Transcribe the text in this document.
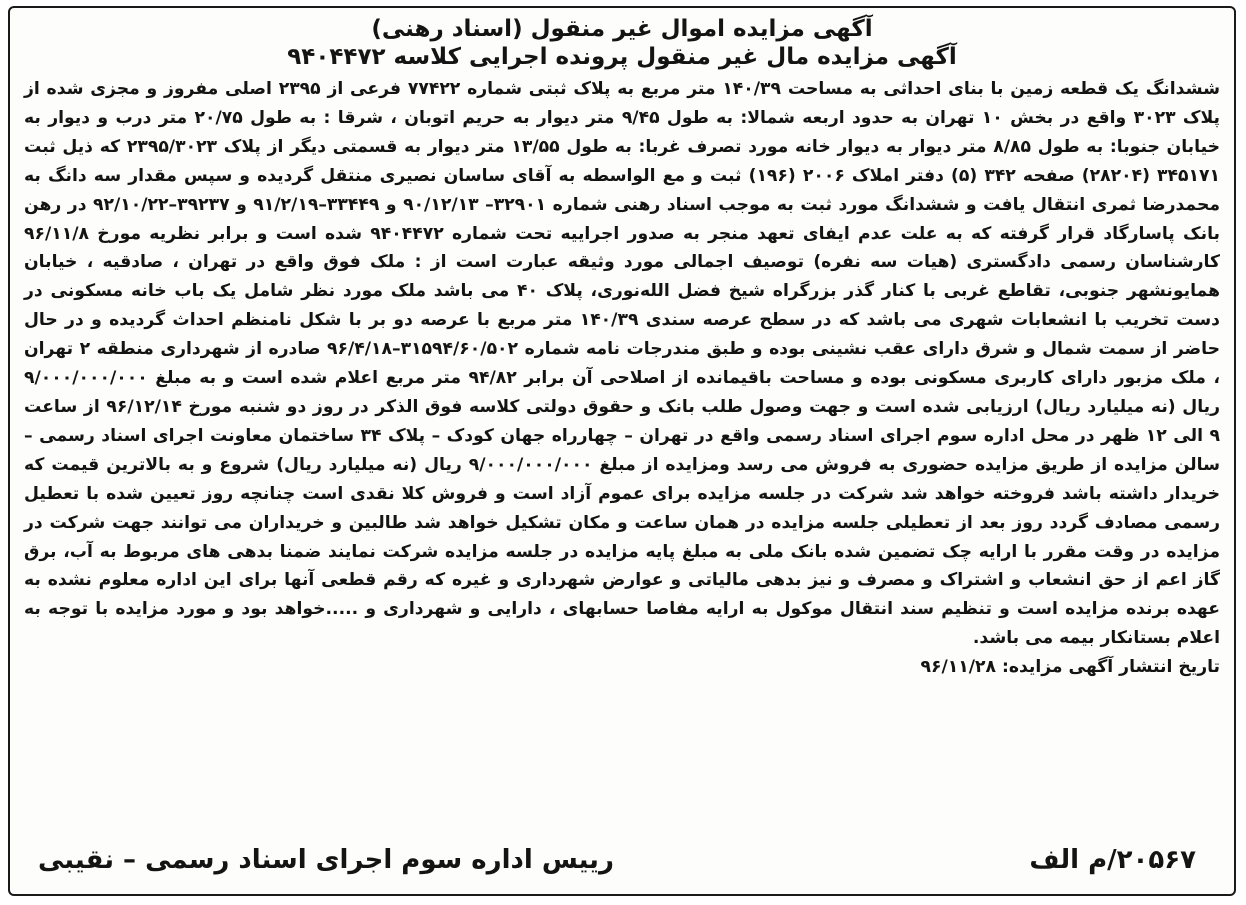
آگهی مزایده اموال غیر منقول (اسناد رهنی)
آگهی مزایده مال غیر منقول پرونده اجرایی کلاسه ۹۴۰۴۴۷۲

ششدانگ یک قطعه زمین با بنای احداثی به مساحت ۱۴۰/۳۹ متر مربع به پلاک ثبتی شماره ۷۷۴۲۲ فرعی از ۲۳۹۵ اصلی مفروز و مجزی شده از پلاک ۳۰۲۳ واقع در بخش ۱۰ تهران به حدود اربعه شمالا: به طول ۹/۴۵ متر دیوار به حریم اتوبان ، شرقا : به طول ۲۰/۷۵ متر درب و دیوار به خیابان جنوبا: به طول ۸/۸۵ متر دیوار به دیوار خانه مورد تصرف غربا: به طول ۱۳/۵۵ متر دیوار به قسمتی دیگر از پلاک ۲۳۹۵/۳۰۲۳ که ذیل ثبت ۳۴۵۱۷۱ (۲۸۲۰۴) صفحه ۳۴۲ (۵) دفتر املاک ۲۰۰۶ (۱۹۶) ثبت و مع الواسطه به آقای ساسان نصیری منتقل گردیده و سپس مقدار سه دانگ به محمدرضا ثمری انتقال یافت و ششدانگ مورد ثبت به موجب اسناد رهنی شماره ۳۲۹۰۱– ۹۰/۱۲/۱۳ و ۳۳۴۴۹–۹۱/۲/۱۹ و ۳۹۲۳۷–۹۲/۱۰/۲۲ در رهن بانک پاسارگاد قرار گرفته که به علت عدم ایفای تعهد منجر به صدور اجراییه تحت شماره ۹۴۰۴۴۷۲ شده است و برابر نظریه مورخ ۹۶/۱۱/۸ کارشناسان رسمی دادگستری (هیات سه نفره) توصیف اجمالی مورد وثیقه عبارت است از : ملک فوق واقع در تهران ، صادقیه ، خیابان همایونشهر جنوبی، تقاطع غربی با کنار گذر بزرگراه شیخ فضل الله‌نوری، پلاک ۴۰ می باشد ملک مورد نظر شامل یک باب خانه مسکونی در دست تخریب با انشعابات شهری می باشد که در سطح عرصه سندی ۱۴۰/۳۹ متر مربع با عرصه دو بر با شکل نامنظم احداث گردیده و در حال حاضر از سمت شمال و شرق دارای عقب نشینی بوده و طبق مندرجات نامه شماره ۳۱۵۹۴/۶۰/۵۰۲–۹۶/۴/۱۸ صادره از شهرداری منطقه ۲ تهران ، ملک مزبور دارای کاربری مسکونی بوده و مساحت باقیمانده از اصلاحی آن برابر ۹۴/۸۲ متر مربع اعلام شده است و به مبلغ ۹/۰۰۰/۰۰۰/۰۰۰ ریال (نه میلیارد ریال) ارزیابی شده است و جهت وصول طلب بانک و حقوق دولتی کلاسه فوق الذکر در روز دو شنبه مورخ ۹۶/۱۲/۱۴ از ساعت ۹ الی ۱۲ ظهر در محل اداره سوم اجرای اسناد رسمی واقع در تهران – چهارراه جهان کودک – پلاک ۳۴ ساختمان معاونت اجرای اسناد رسمی – سالن مزایده از طریق مزایده حضوری به فروش می رسد ومزایده از مبلغ ۹/۰۰۰/۰۰۰/۰۰۰ ریال (نه میلیارد ریال) شروع و به بالاترین قیمت که خریدار داشته باشد فروخته خواهد شد شرکت در جلسه مزایده برای عموم آزاد است و فروش کلا نقدی است چنانچه روز تعیین شده با تعطیل رسمی مصادف گردد روز بعد از تعطیلی جلسه مزایده در همان ساعت و مکان تشکیل خواهد شد طالبین و خریداران می توانند جهت شرکت در مزایده در وقت مقرر با ارایه چک تضمین شده بانک ملی به مبلغ پایه مزایده در جلسه مزایده شرکت نمایند ضمنا بدهی های مربوط به آب، برق گاز اعم از حق انشعاب و اشتراک و مصرف و نیز بدهی مالیاتی و عوارض شهرداری و غیره که رقم قطعی آنها برای این اداره معلوم نشده به عهده برنده مزایده است و تنظیم سند انتقال موکول به ارایه مفاصا حسابهای ، دارایی و شهرداری و .....خواهد بود و مورد مزایده با توجه به اعلام بستانکار بیمه می باشد.

تاریخ انتشار آگهی مزایده: ۹۶/۱۱/۲۸

۲۰۵۶۷/م الف
رییس اداره سوم اجرای اسناد رسمی – نقیبی
